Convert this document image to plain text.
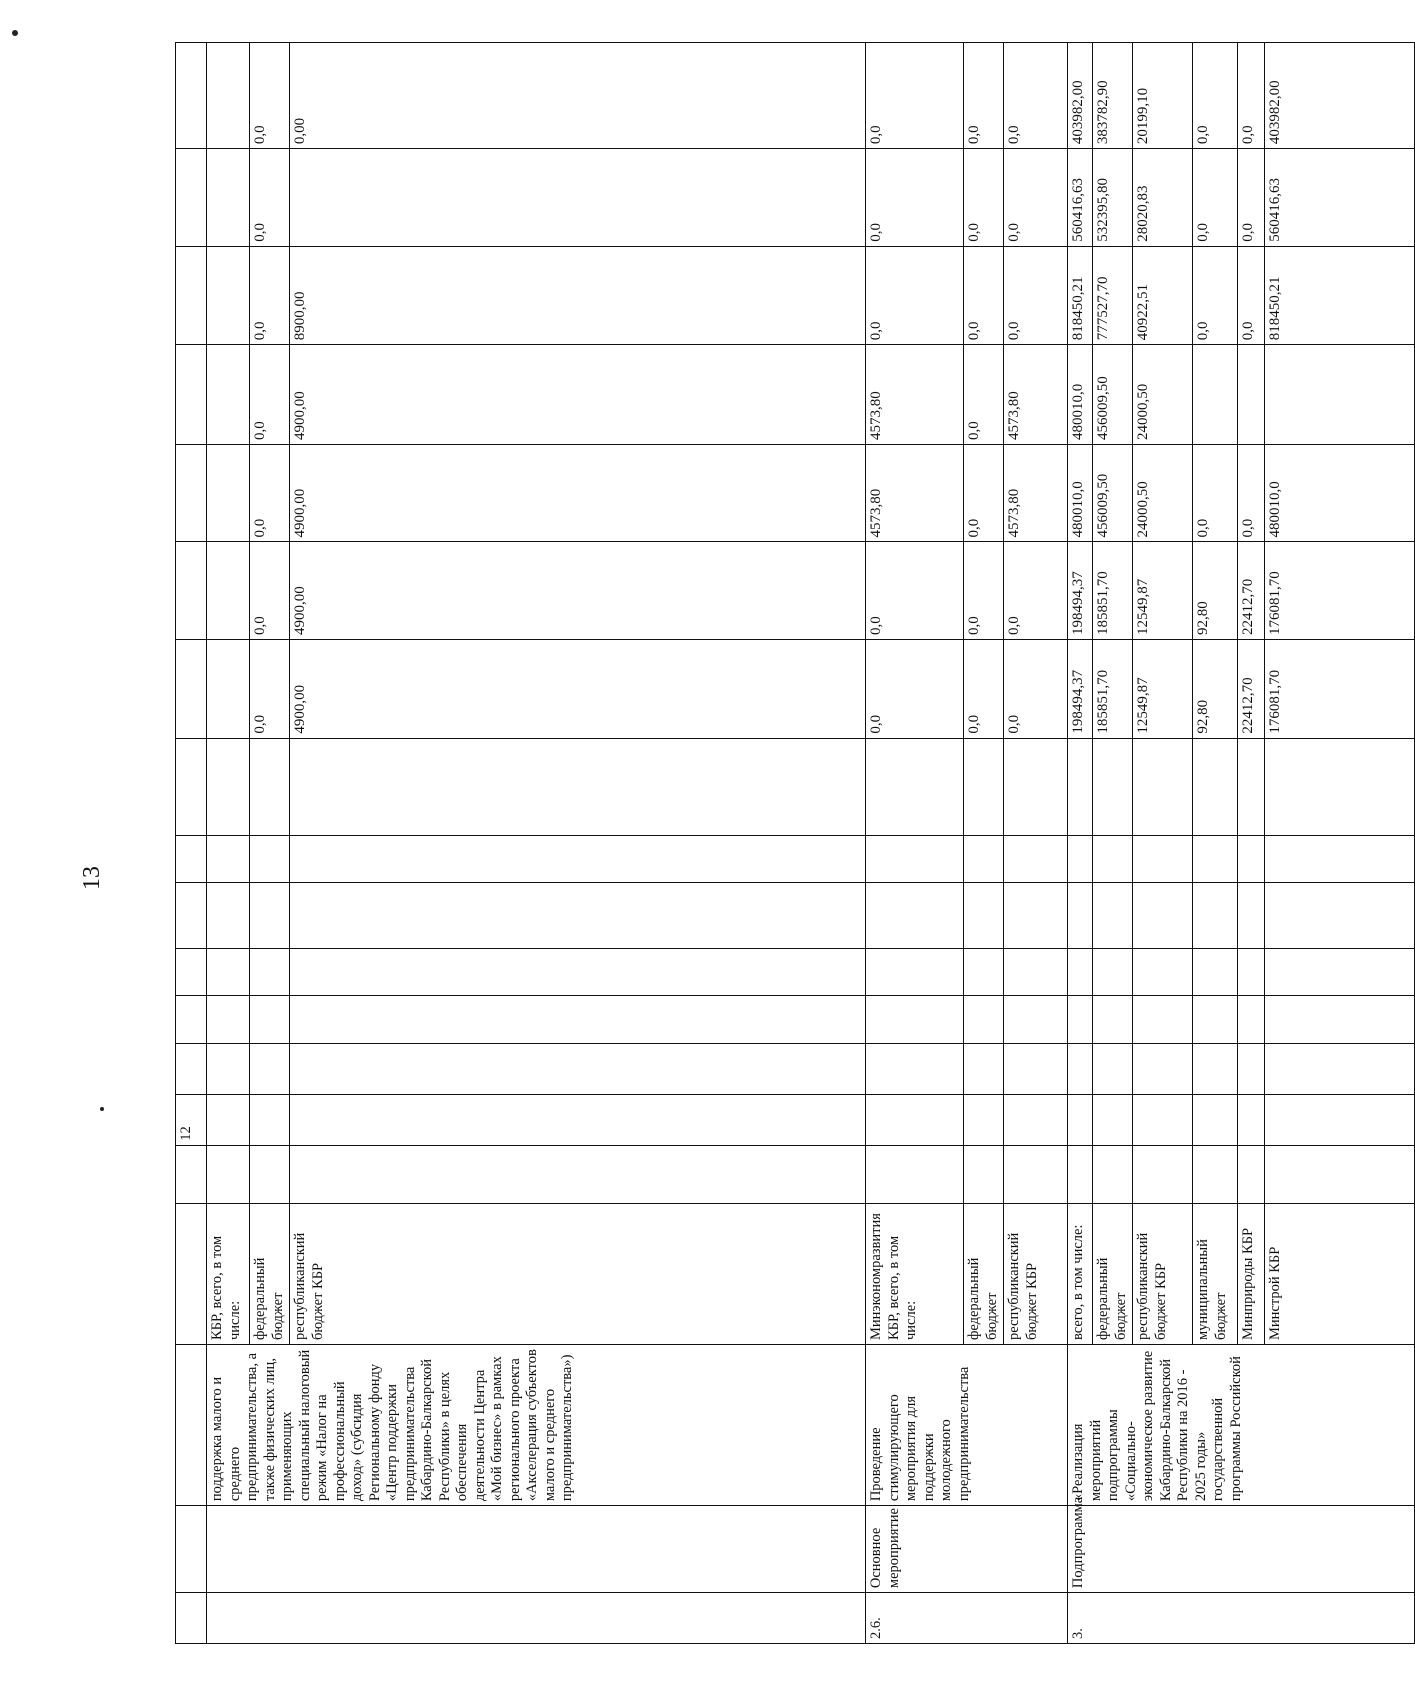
13
					12													
		поддержка малого и среднего предпринимательства, а также физических лиц, применяющих специальный налоговый режим «Налог на профессиональный доход» (субсидия Региональному фонду «Центр поддержки предпринимательства Кабардино-Балкарской Республики» в целях обеспечения деятельности Центра «Мой бизнес» в рамках регионального проекта «Акселерация субъектов малого и среднего предпринимательства»)	КБР, всего, в том числе:															
			федеральный бюджет									0,0	0,0	0,0	0,0	0,0	0,0	0,0
			республиканский бюджет КБР									4900,00	4900,00	4900,00	4900,00	8900,00		0,00
2.6.	Основное мероприятие	Проведение стимулирующего мероприятия для поддержки молодежного предпринимательства	Минэкономразвития КБР, всего, в том числе:									0,0	0,0	4573,80	4573,80	0,0	0,0	0,0
			федеральный бюджет									0,0	0,0	0,0	0,0	0,0	0,0	0,0
			республиканский бюджет КБР									0,0	0,0	4573,80	4573,80	0,0	0,0	0,0
3.	Подпрограмма	«Реализация мероприятий подпрограммы «Социально-экономическое развитие Кабардино-Балкарской Республики на 2016 - 2025 годы» государственной программы Российской	всего, в том числе:									198494,37	198494,37	480010,0	480010,0	818450,21	560416,63	403982,00
			федеральный бюджет									185851,70	185851,70	456009,50	456009,50	777527,70	532395,80	383782,90
			республиканский бюджет КБР									12549,87	12549,87	24000,50	24000,50	40922,51	28020,83	20199,10
			муниципальный бюджет									92,80	92,80	0,0		0,0	0,0	0,0
			Минприроды КБР									22412,70	22412,70	0,0		0,0	0,0	0,0
			Минстрой КБР									176081,70	176081,70	480010,0		818450,21	560416,63	403982,00
